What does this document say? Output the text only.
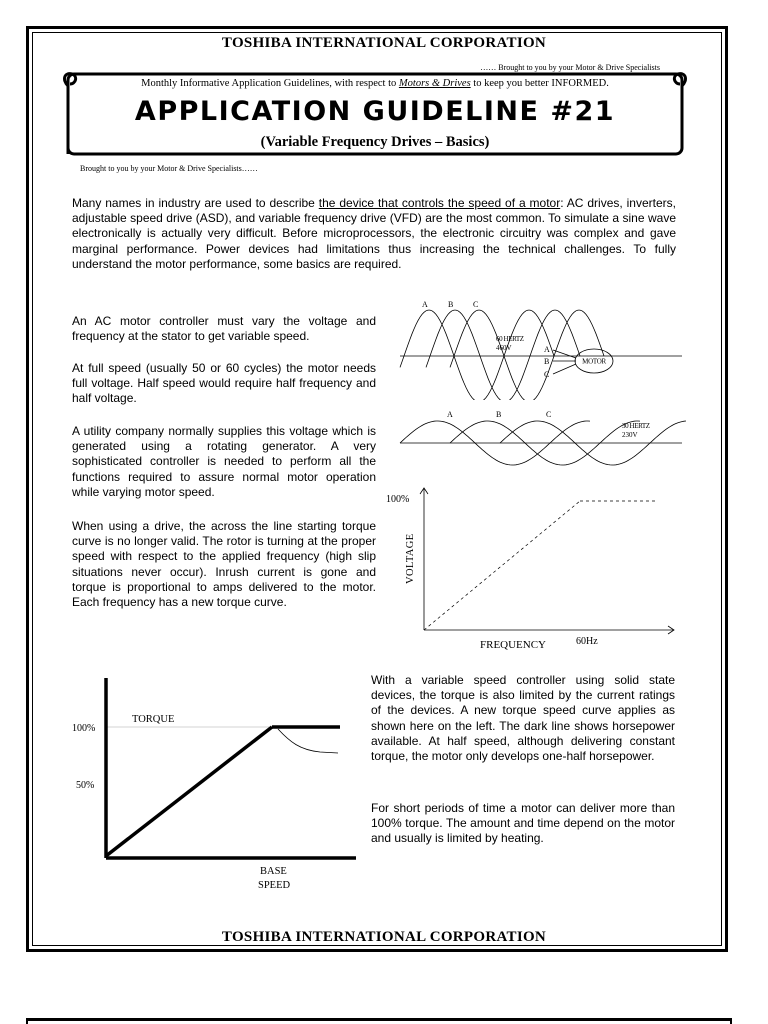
TOSHIBA INTERNATIONAL CORPORATION
…… Brought to you by your Motor & Drive Specialists
Monthly Informative Application Guidelines, with respect to Motors & Drives to keep you better INFORMED.
APPLICATION GUIDELINE #21
(Variable Frequency Drives – Basics)
Brought to you by your Motor & Drive Specialists……

Many names in industry are used to describe the device that controls the speed of a motor: AC drives, inverters, adjustable speed drive (ASD), and variable frequency drive (VFD) are the most common. To simulate a sine wave electronically is actually very difficult. Before microprocessors, the electronic circuitry was complex and gave marginal performance. Power devices had limitations thus increasing the technical challenges. To fully understand the motor performance, some basics are required.

An AC motor controller must vary the voltage and frequency at the stator to get variable speed.
At full speed (usually 50 or 60 cycles) the motor needs full voltage. Half speed would require half frequency and half voltage.
A utility company normally supplies this voltage which is generated using a rotating generator. A very sophisticated controller is needed to perform all the functions required to assure normal motor operation while varying motor speed.
When using a drive, the across the line starting torque curve is no longer valid. The rotor is turning at the proper speed with respect to the applied frequency (high slip situations never occur). Inrush current is gone and torque is proportional to amps delivered to the motor. Each frequency has a new torque curve.
A	B C
60 HERTZ
460V	A
B
C
MOTOR
A	B	C
30 HERTZ
230V
100%
VOLTAGE
FREQUENCY	60Hz
100%
50%
TORQUE
BASE
SPEED
With a variable speed controller using solid state devices, the torque is also limited by the current ratings of the devices. A new torque speed curve applies as shown here on the left. The dark line shows horsepower available. At half speed, although delivering constant torque, the motor only develops one-half horsepower.
For short periods of time a motor can deliver more than 100% torque. The amount and time depend on the motor and usually is limited by heating.
TOSHIBA INTERNATIONAL CORPORATION
